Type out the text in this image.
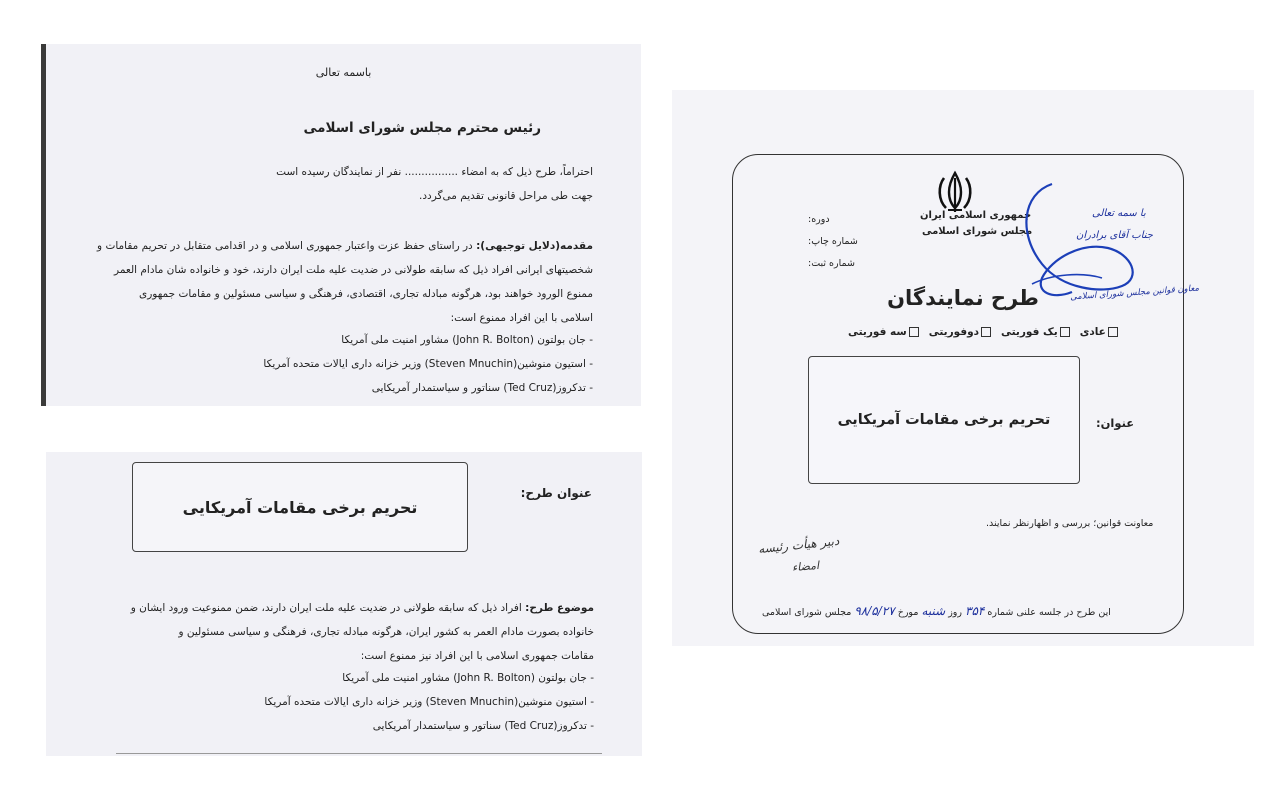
باسمه تعالی
رئیس محترم مجلس شورای اسلامی
احتراماً، طرح ذیل که به امضاء ................ نفر از نمایندگان رسیده است
جهت طی مراحل قانونی تقدیم می‌گردد.
مقدمه(دلایل توجیهی): در راستای حفظ عزت واعتبار جمهوری اسلامی و در اقدامی متقابل در تحریم مقامات و
شخصیتهای ایرانی افراد ذیل که سابقه طولانی در ضدیت علیه ملت ایران دارند، خود و خانواده شان مادام العمر
ممنوع الورود خواهند بود، هرگونه مبادله تجاری، اقتصادی، فرهنگی و سیاسی مسئولین و مقامات جمهوری
اسلامی با این افراد ممنوع است:
- جان بولتون (John R. Bolton) مشاور امنیت ملی آمریکا
- استیون منوشین(Steven Mnuchin) وزیر خزانه داری ایالات متحده آمریکا
- تدکروز(Ted Cruz) سناتور و سیاستمدار آمریکایی
عنوان طرح:
تحریم برخی مقامات آمریکایی
موضوع طرح: افراد ذیل که سابقه طولانی در ضدیت علیه ملت ایران دارند، ضمن ممنوعیت ورود ایشان و
خانواده بصورت مادام العمر به کشور ایران، هرگونه مبادله تجاری، فرهنگی و سیاسی مسئولین و
مقامات جمهوری اسلامی با این افراد نیز ممنوع است:
- جان بولتون (John R. Bolton) مشاور امنیت ملی آمریکا
- استیون منوشین(Steven Mnuchin) وزیر خزانه داری ایالات متحده آمریکا
- تدکروز(Ted Cruz) سناتور و سیاستمدار آمریکایی
جمهوری اسلامی ایران
مجلس شورای اسلامی
دوره:
شماره چاپ:
شماره ثبت:
با سمه تعالی
جناب آقای برادران
معاون قوانین مجلس شورای اسلامی
طرح نمایندگان
عادی
یک فوریتی
دوفوریتی
سه فوریتی
عنوان:
تحریم برخی مقامات آمریکایی
معاونت قوانین؛ بررسی و اظهارنظر نمایند.
دبیر هیأت رئیسه
امضاء
این طرح در جلسه علنی شماره ۳۵۴ روز شنبه مورخ ۹۸/۵/۲۷ مجلس شورای اسلامی
